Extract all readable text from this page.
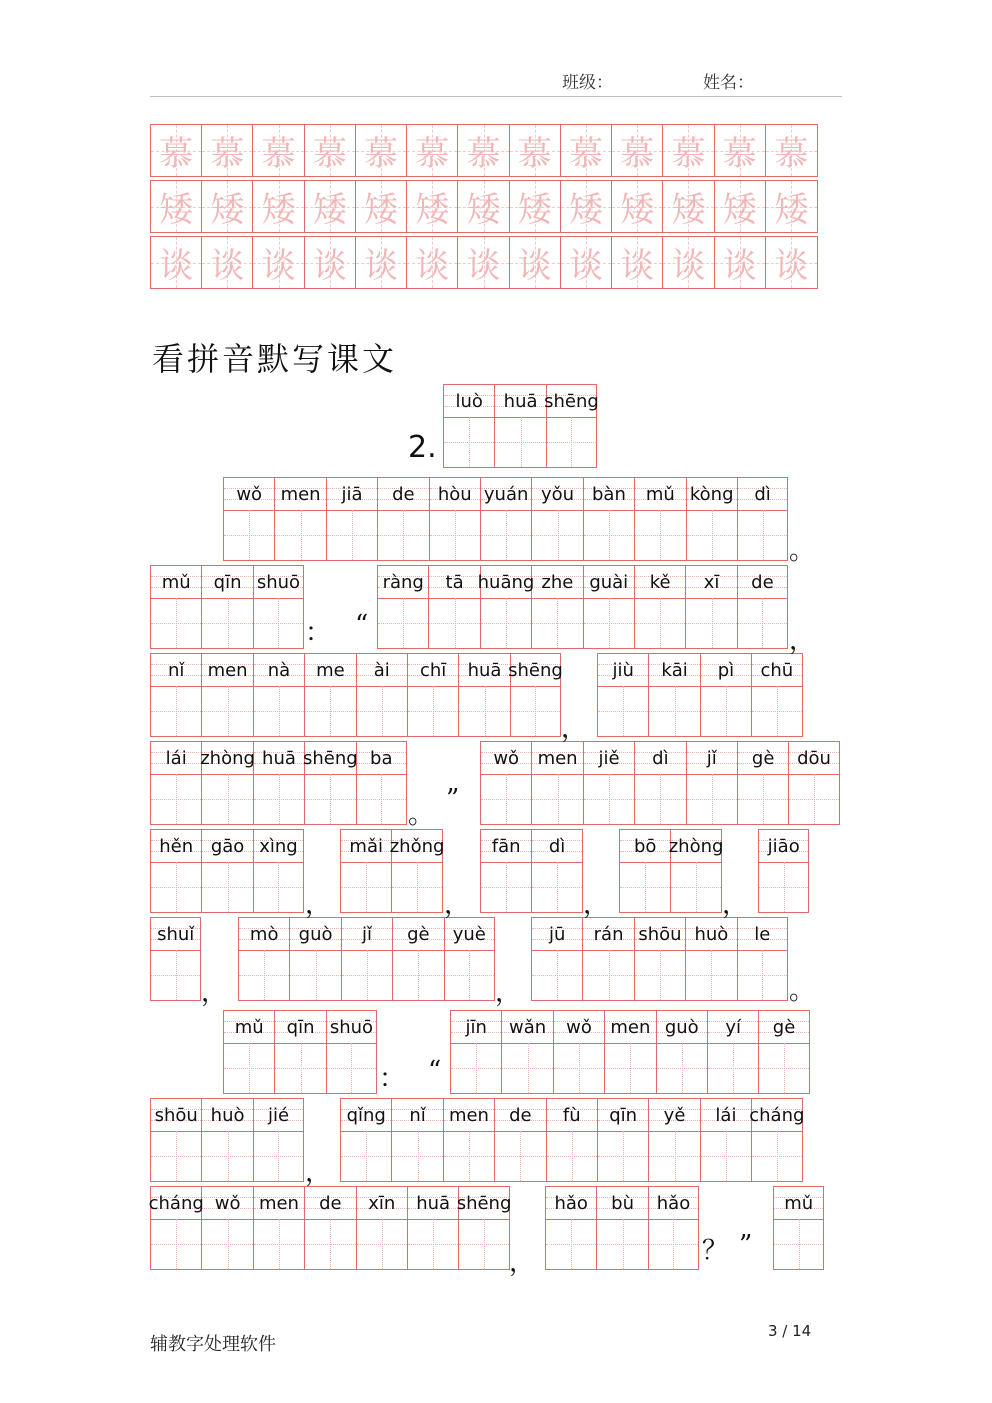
班级：	姓名：
慕 慕 慕 慕 慕 慕 慕 慕 慕 慕 慕 慕 慕
矮 矮 矮 矮 矮 矮 矮 矮 矮 矮 矮 矮 矮
谈 谈 谈 谈 谈 谈 谈 谈 谈 谈 谈 谈 谈
看拼音默写课文
2.
luò huā shēng
wǒ men jiā de hòu yuán yǒu bàn mǔ kòng dì
mǔ qīn shuō	ràng tā huāng zhe guài kě xī de
nǐ men nà me ài chī huā shēng	jiù kāi pì chū
lái zhòng huā shēng ba	wǒ men jiě dì jǐ gè dōu
hěn gāo xìng	mǎi zhǒng	fān dì	bō zhòng jiāo
shuǐ	mò guò jǐ gè yuè	jū rán shōu huò le
mǔ qīn shuō	jīn wǎn wǒ men guò yí gè
shōu huò jié	qǐng nǐ men de fù qīn yě lái cháng
cháng wǒ men de xīn huā shēng hǎo bù hǎo	mǔ
。
： “
，
，
。
”
，	，	，	，
，	，	。
： “
，
，	？ ”
辅教字处理软件
3 / 14
